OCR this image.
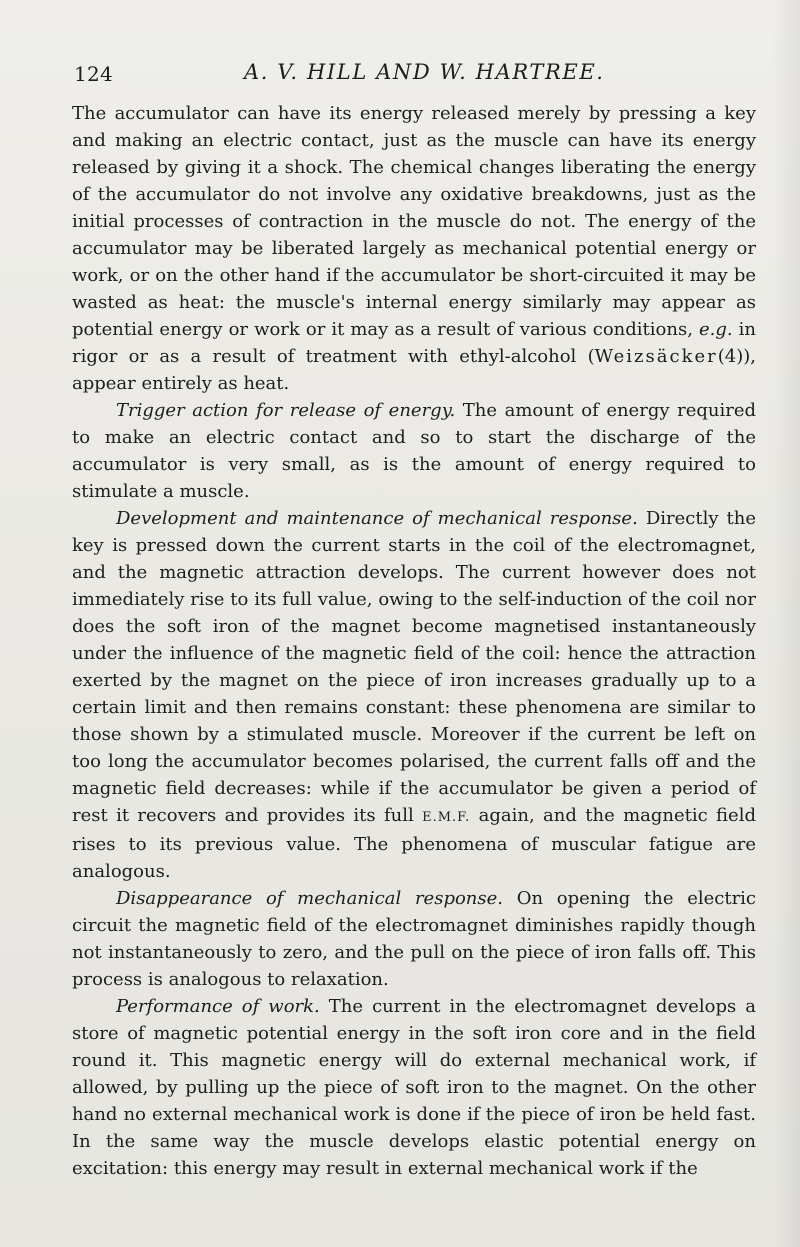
124	A. V. HILL AND W. HARTREE.

The accumulator can have its energy released merely by pressing a key and making an electric contact, just as the muscle can have its energy released by giving it a shock. The chemical changes liberating the energy of the accumulator do not involve any oxidative breakdowns, just as the initial processes of contraction in the muscle do not. The energy of the accumulator may be liberated largely as mechanical potential energy or work, or on the other hand if the accumulator be short-circuited it may be wasted as heat: the muscle's internal energy similarly may appear as potential energy or work or it may as a result of various conditions, e.g. in rigor or as a result of treatment with ethyl-alcohol (Weizsäcker(4)), appear entirely as heat.

Trigger action for release of energy. The amount of energy required to make an electric contact and so to start the discharge of the accumulator is very small, as is the amount of energy required to stimulate a muscle.

Development and maintenance of mechanical response. Directly the key is pressed down the current starts in the coil of the electromagnet, and the magnetic attraction develops. The current however does not immediately rise to its full value, owing to the self-induction of the coil nor does the soft iron of the magnet become magnetised instantaneously under the influence of the magnetic field of the coil: hence the attraction exerted by the magnet on the piece of iron increases gradually up to a certain limit and then remains constant: these phenomena are similar to those shown by a stimulated muscle. Moreover if the current be left on too long the accumulator becomes polarised, the current falls off and the magnetic field decreases: while if the accumulator be given a period of rest it recovers and provides its full E.M.F. again, and the magnetic field rises to its previous value. The phenomena of muscular fatigue are analogous.

Disappearance of mechanical response. On opening the electric circuit the magnetic field of the electromagnet diminishes rapidly though not instantaneously to zero, and the pull on the piece of iron falls off. This process is analogous to relaxation.

Performance of work. The current in the electromagnet develops a store of magnetic potential energy in the soft iron core and in the field round it. This magnetic energy will do external mechanical work, if allowed, by pulling up the piece of soft iron to the magnet. On the other hand no external mechanical work is done if the piece of iron be held fast. In the same way the muscle develops elastic potential energy on excitation: this energy may result in external mechanical work if the
